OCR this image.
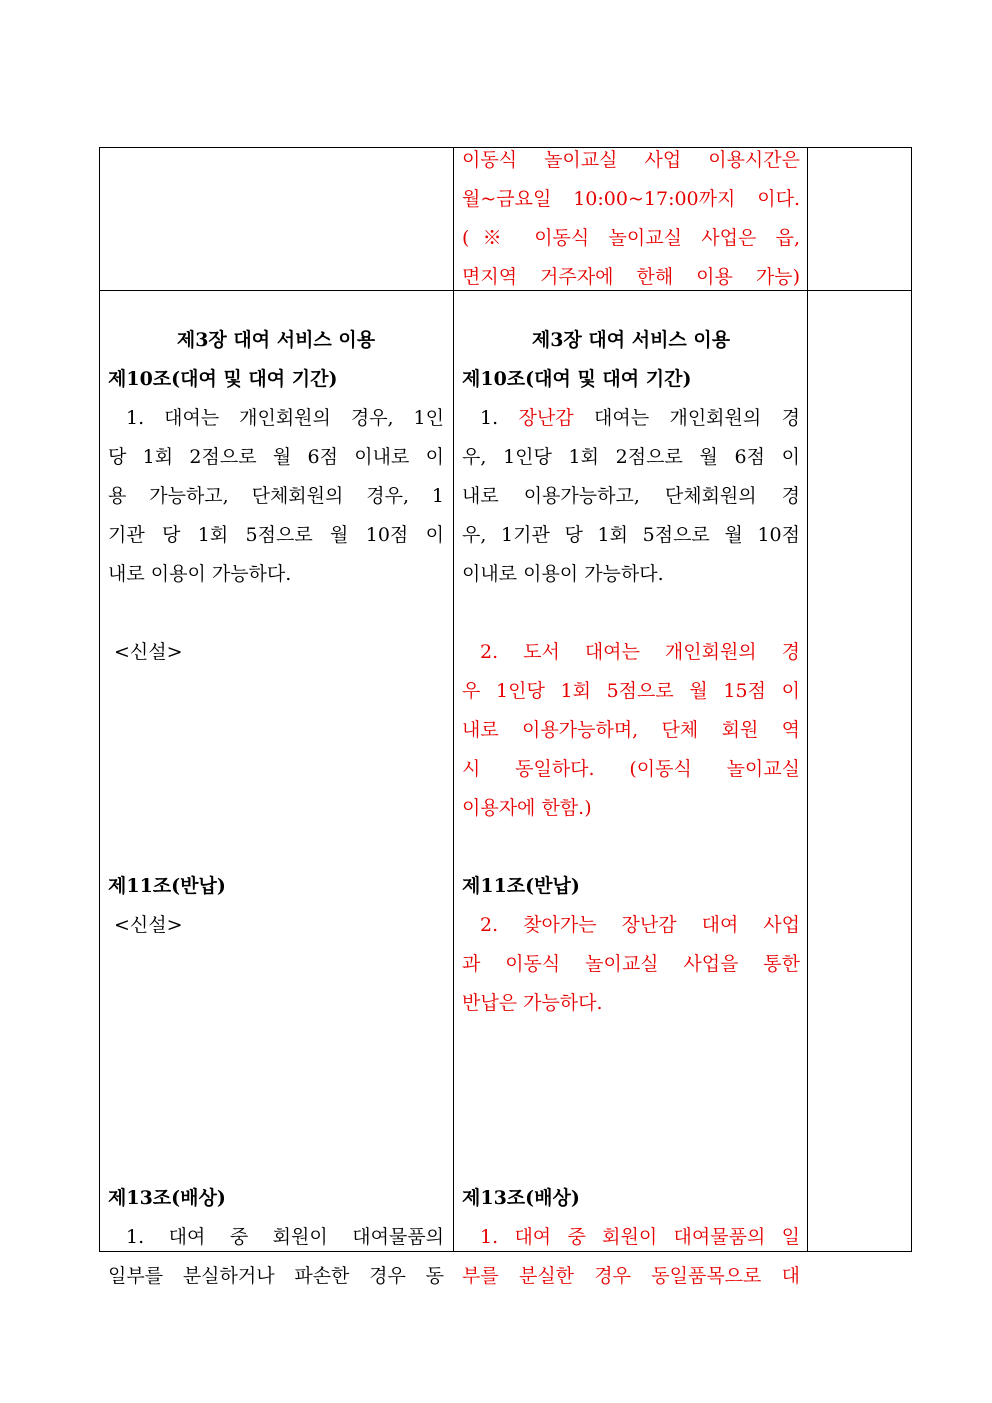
이동식 놀이교실 사업 이용시간은

월~금요일 10:00~17:00까지 이다.

(※ 이동식 놀이교실 사업은 읍,

면지역 거주자에 한해 이용 가능)

제3장 대여 서비스 이용

제10조(대여 및 대여 기간)

1. 대여는 개인회원의 경우, 1인

당 1회 2점으로 월 6점 이내로 이

용 가능하고, 단체회원의 경우, 1

기관 당 1회 5점으로 월 10점 이

내로 이용이 가능하다.

<신설>

제11조(반납)

<신설>

제13조(배상)

1. 대여 중 회원이 대여물품의

일부를 분실하거나 파손한 경우 동

제3장 대여 서비스 이용

제10조(대여 및 대여 기간)

1. 장난감 대여는 개인회원의 경

우, 1인당 1회 2점으로 월 6점 이

내로 이용가능하고, 단체회원의 경

우, 1기관 당 1회 5점으로 월 10점

이내로 이용이 가능하다.

2. 도서 대여는 개인회원의 경

우 1인당 1회 5점으로 월 15점 이

내로 이용가능하며, 단체 회원 역

시 동일하다. (이동식 놀이교실

이용자에 한함.)

제11조(반납)

2. 찾아가는 장난감 대여 사업

과 이동식 놀이교실 사업을 통한

반납은 가능하다.

제13조(배상)

1. 대여 중 회원이 대여물품의 일

부를 분실한 경우 동일품목으로 대
